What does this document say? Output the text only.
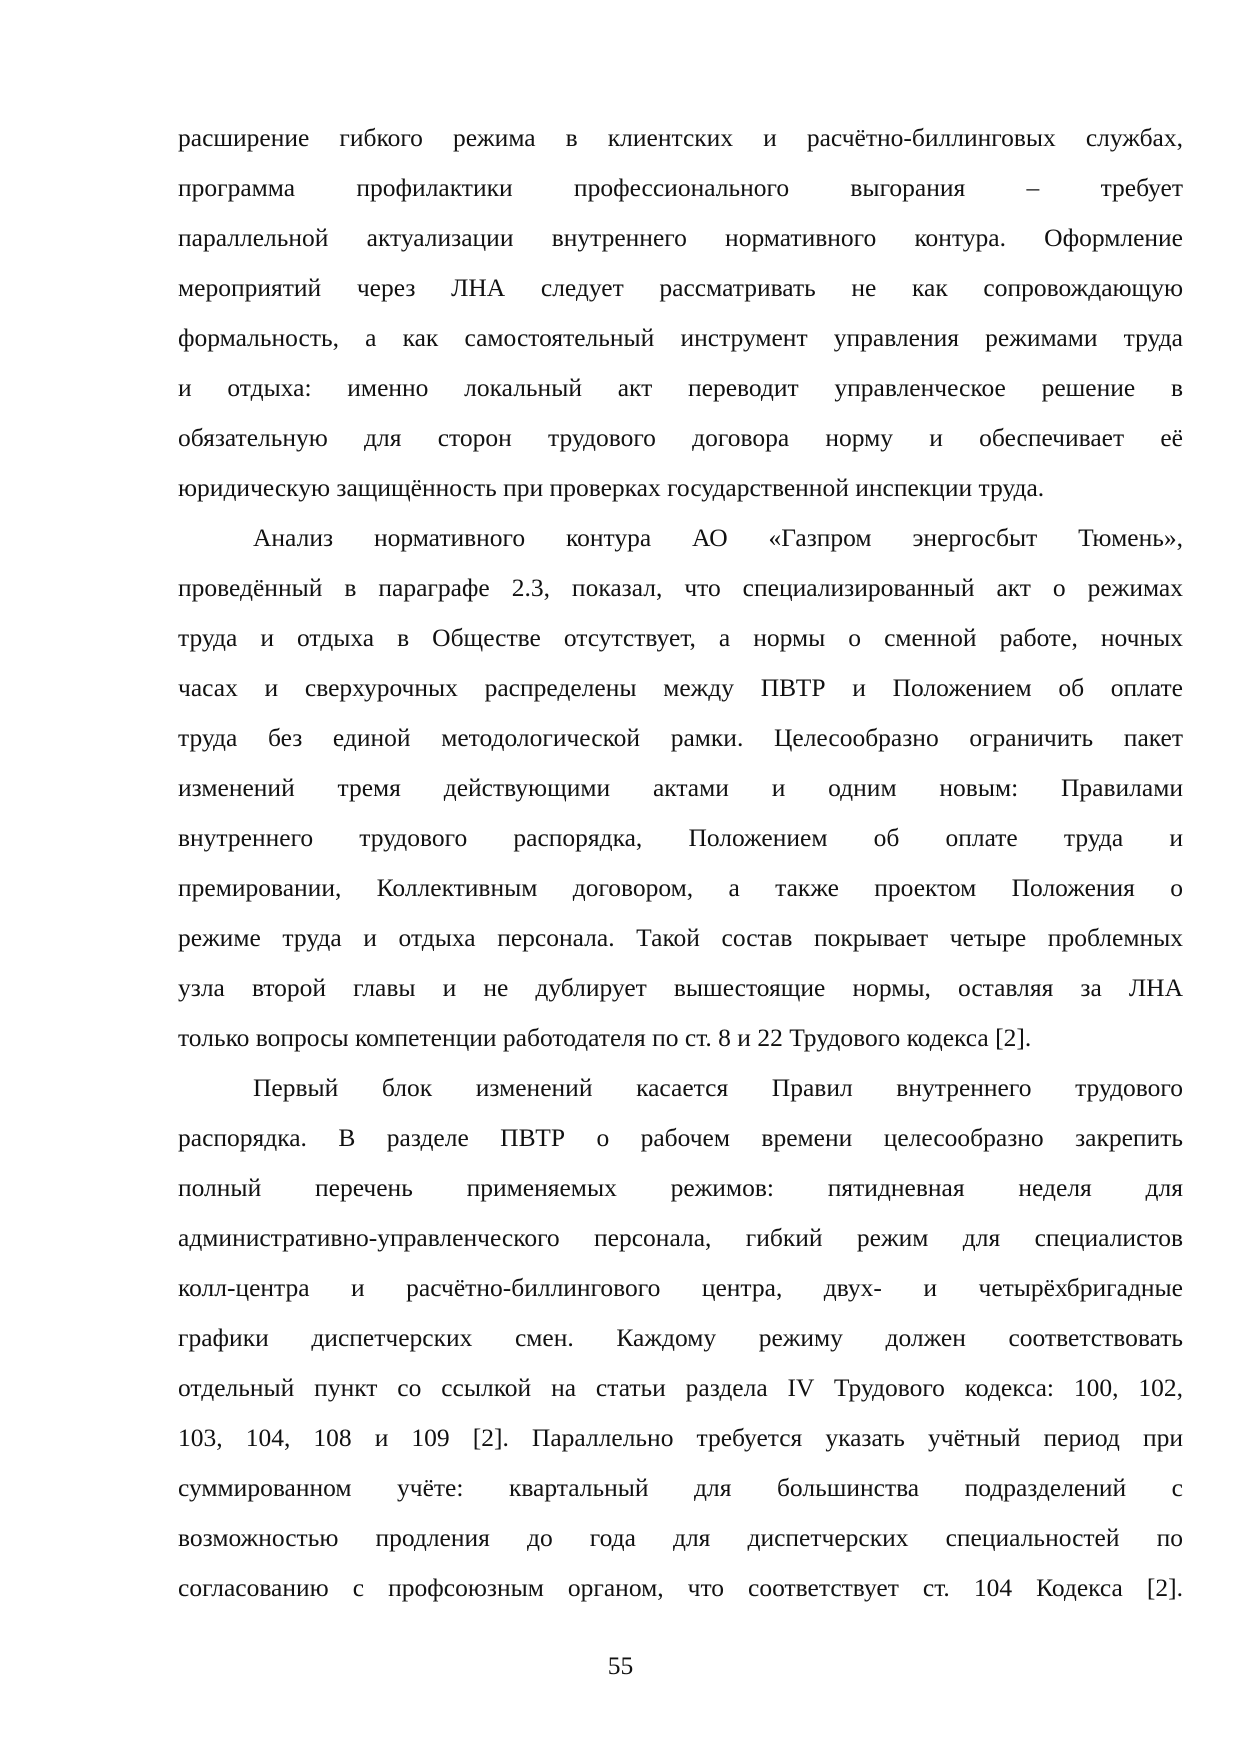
расширение гибкого режима в клиентских и расчётно-биллинговых службах,

программа профилактики профессионального выгорания – требует

параллельной актуализации внутреннего нормативного контура. Оформление

мероприятий через ЛНА следует рассматривать не как сопровождающую

формальность, а как самостоятельный инструмент управления режимами труда

и отдыха: именно локальный акт переводит управленческое решение в

обязательную для сторон трудового договора норму и обеспечивает её

юридическую защищённость при проверках государственной инспекции труда.

Анализ нормативного контура АО «Газпром энергосбыт Тюмень»,

проведённый в параграфе 2.3, показал, что специализированный акт о режимах

труда и отдыха в Обществе отсутствует, а нормы о сменной работе, ночных

часах и сверхурочных распределены между ПВТР и Положением об оплате

труда без единой методологической рамки. Целесообразно ограничить пакет

изменений тремя действующими актами и одним новым: Правилами

внутреннего трудового распорядка, Положением об оплате труда и

премировании, Коллективным договором, а также проектом Положения о

режиме труда и отдыха персонала. Такой состав покрывает четыре проблемных

узла второй главы и не дублирует вышестоящие нормы, оставляя за ЛНА

только вопросы компетенции работодателя по ст. 8 и 22 Трудового кодекса [2].

Первый блок изменений касается Правил внутреннего трудового

распорядка. В разделе ПВТР о рабочем времени целесообразно закрепить

полный перечень применяемых режимов: пятидневная неделя для

административно-управленческого персонала, гибкий режим для специалистов

колл-центра и расчётно-биллингового центра, двух- и четырёхбригадные

графики диспетчерских смен. Каждому режиму должен соответствовать

отдельный пункт со ссылкой на статьи раздела IV Трудового кодекса: 100, 102,

103, 104, 108 и 109 [2]. Параллельно требуется указать учётный период при

суммированном учёте: квартальный для большинства подразделений с

возможностью продления до года для диспетчерских специальностей по

согласованию с профсоюзным органом, что соответствует ст. 104 Кодекса [2].

55
